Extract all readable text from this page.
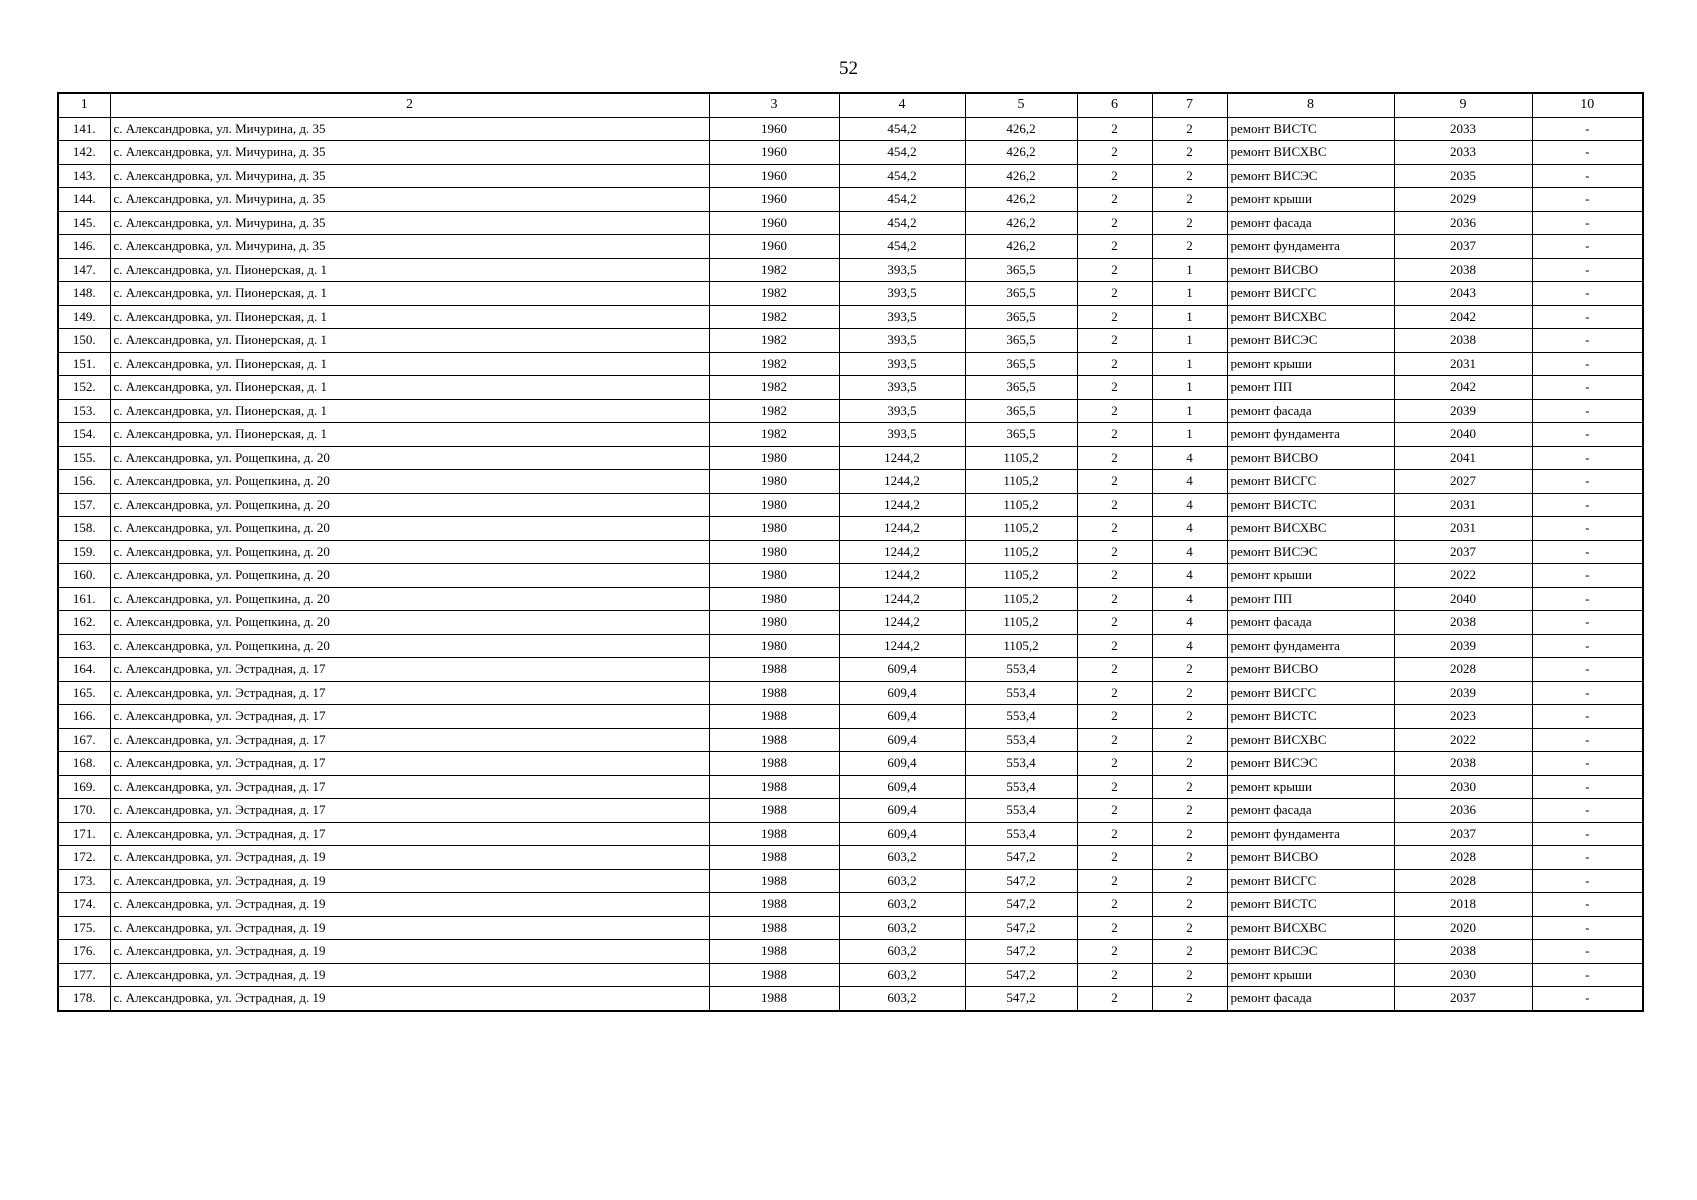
52
1	2	3	4	5	6	7	8	9	10
141.	с. Александровка, ул. Мичурина, д. 35	1960	454,2	426,2	2	2	ремонт ВИСТС	2033	-
142.	с. Александровка, ул. Мичурина, д. 35	1960	454,2	426,2	2	2	ремонт ВИСХВС	2033	-
143.	с. Александровка, ул. Мичурина, д. 35	1960	454,2	426,2	2	2	ремонт ВИСЭС	2035	-
144.	с. Александровка, ул. Мичурина, д. 35	1960	454,2	426,2	2	2	ремонт крыши	2029	-
145.	с. Александровка, ул. Мичурина, д. 35	1960	454,2	426,2	2	2	ремонт фасада	2036	-
146.	с. Александровка, ул. Мичурина, д. 35	1960	454,2	426,2	2	2	ремонт фундамента	2037	-
147.	с. Александровка, ул. Пионерская, д. 1	1982	393,5	365,5	2	1	ремонт ВИСВО	2038	-
148.	с. Александровка, ул. Пионерская, д. 1	1982	393,5	365,5	2	1	ремонт ВИСГС	2043	-
149.	с. Александровка, ул. Пионерская, д. 1	1982	393,5	365,5	2	1	ремонт ВИСХВС	2042	-
150.	с. Александровка, ул. Пионерская, д. 1	1982	393,5	365,5	2	1	ремонт ВИСЭС	2038	-
151.	с. Александровка, ул. Пионерская, д. 1	1982	393,5	365,5	2	1	ремонт крыши	2031	-
152.	с. Александровка, ул. Пионерская, д. 1	1982	393,5	365,5	2	1	ремонт ПП	2042	-
153.	с. Александровка, ул. Пионерская, д. 1	1982	393,5	365,5	2	1	ремонт фасада	2039	-
154.	с. Александровка, ул. Пионерская, д. 1	1982	393,5	365,5	2	1	ремонт фундамента	2040	-
155.	с. Александровка, ул. Рощепкина, д. 20	1980	1244,2	1105,2	2	4	ремонт ВИСВО	2041	-
156.	с. Александровка, ул. Рощепкина, д. 20	1980	1244,2	1105,2	2	4	ремонт ВИСГС	2027	-
157.	с. Александровка, ул. Рощепкина, д. 20	1980	1244,2	1105,2	2	4	ремонт ВИСТС	2031	-
158.	с. Александровка, ул. Рощепкина, д. 20	1980	1244,2	1105,2	2	4	ремонт ВИСХВС	2031	-
159.	с. Александровка, ул. Рощепкина, д. 20	1980	1244,2	1105,2	2	4	ремонт ВИСЭС	2037	-
160.	с. Александровка, ул. Рощепкина, д. 20	1980	1244,2	1105,2	2	4	ремонт крыши	2022	-
161.	с. Александровка, ул. Рощепкина, д. 20	1980	1244,2	1105,2	2	4	ремонт ПП	2040	-
162.	с. Александровка, ул. Рощепкина, д. 20	1980	1244,2	1105,2	2	4	ремонт фасада	2038	-
163.	с. Александровка, ул. Рощепкина, д. 20	1980	1244,2	1105,2	2	4	ремонт фундамента	2039	-
164.	с. Александровка, ул. Эстрадная, д. 17	1988	609,4	553,4	2	2	ремонт ВИСВО	2028	-
165.	с. Александровка, ул. Эстрадная, д. 17	1988	609,4	553,4	2	2	ремонт ВИСГС	2039	-
166.	с. Александровка, ул. Эстрадная, д. 17	1988	609,4	553,4	2	2	ремонт ВИСТС	2023	-
167.	с. Александровка, ул. Эстрадная, д. 17	1988	609,4	553,4	2	2	ремонт ВИСХВС	2022	-
168.	с. Александровка, ул. Эстрадная, д. 17	1988	609,4	553,4	2	2	ремонт ВИСЭС	2038	-
169.	с. Александровка, ул. Эстрадная, д. 17	1988	609,4	553,4	2	2	ремонт крыши	2030	-
170.	с. Александровка, ул. Эстрадная, д. 17	1988	609,4	553,4	2	2	ремонт фасада	2036	-
171.	с. Александровка, ул. Эстрадная, д. 17	1988	609,4	553,4	2	2	ремонт фундамента	2037	-
172.	с. Александровка, ул. Эстрадная, д. 19	1988	603,2	547,2	2	2	ремонт ВИСВО	2028	-
173.	с. Александровка, ул. Эстрадная, д. 19	1988	603,2	547,2	2	2	ремонт ВИСГС	2028	-
174.	с. Александровка, ул. Эстрадная, д. 19	1988	603,2	547,2	2	2	ремонт ВИСТС	2018	-
175.	с. Александровка, ул. Эстрадная, д. 19	1988	603,2	547,2	2	2	ремонт ВИСХВС	2020	-
176.	с. Александровка, ул. Эстрадная, д. 19	1988	603,2	547,2	2	2	ремонт ВИСЭС	2038	-
177.	с. Александровка, ул. Эстрадная, д. 19	1988	603,2	547,2	2	2	ремонт крыши	2030	-
178.	с. Александровка, ул. Эстрадная, д. 19	1988	603,2	547,2	2	2	ремонт фасада	2037	-
